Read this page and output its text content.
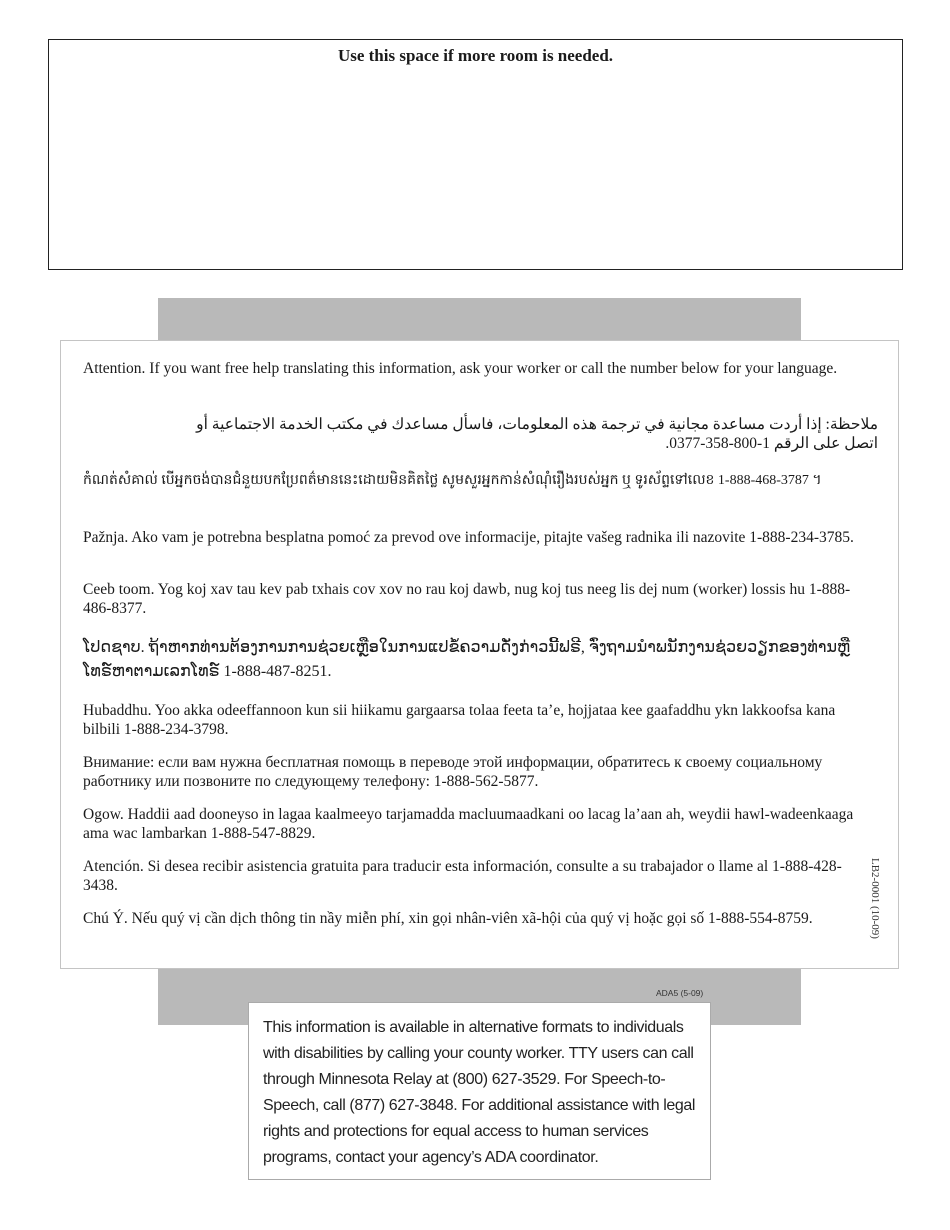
Use this space if more room is needed.
Attention. If you want free help translating this information, ask your worker or call the number below for your language.
ملاحظة: إذا أردت مساعدة مجانية في ترجمة هذه المعلومات، فاسأل مساعدك في مكتب الخدمة الاجتماعية أو اتصل على الرقم 1-800-358-0377.
កំណត់សំគាល់ បើអ្នកចង់បានជំនួយបកប្រែពត៌មាននេះដោយមិនគិតថ្លៃ សូមសួរអ្នកកាន់សំណុំរឿងរបស់អ្នក ឬ ទូរស័ព្ទទៅលេខ 1-888-468-3787 ។
Pažnja. Ako vam je potrebna besplatna pomoć za prevod ove informacije, pitajte vašeg radnika ili nazovite 1-888-234-3785.
Ceeb toom. Yog koj xav tau kev pab txhais cov xov no rau koj dawb, nug koj tus neeg lis dej num (worker) lossis hu 1-888-486-8377.
ໂປດຊາບ. ຖ້າຫາກທ່ານຕ້ອງການການຊ່ວຍເຫຼືອໃນການແປຂໍ້ຄວາມດັ່ງກ່າວນີ້ຟຣີ, ຈົ່ງຖາມນຳພນັກງານຊ່ວຍວຽກຂອງທ່ານຫຼືໂທຣ໌ຫາຕາມເລກໂທຣ໌ 1-888-487-8251.
Hubaddhu. Yoo akka odeeffannoon kun sii hiikamu gargaarsa tolaa feeta ta’e, hojjataa kee gaafaddhu ykn lakkoofsa kana bilbili 1-888-234-3798.
Внимание: если вам нужна бесплатная помощь в переводе этой информации, обратитесь к своему социальному работнику или позвоните по следующему телефону: 1-888-562-5877.
Ogow. Haddii aad dooneyso in lagaa kaalmeeyo tarjamadda macluumaadkani oo lacag la’aan ah, weydii hawl-wadeenkaaga ama wac lambarkan 1-888-547-8829.
Atención. Si desea recibir asistencia gratuita para traducir esta información, consulte a su trabajador o llame al 1-888-428-3438.
Chú Ý. Nếu quý vị cần dịch thông tin nầy miễn phí, xin gọi nhân-viên xã-hội của quý vị hoặc gọi số 1-888-554-8759.	LB2-0001 (10-09)
ADA5 (5-09)
This information is available in alternative formats to individuals with disabilities by calling your county worker. TTY users can call through Minnesota Relay at (800) 627-3529. For Speech-to-Speech, call (877) 627-3848. For additional assistance with legal rights and protections for equal access to human services programs, contact your agency’s ADA coordinator.
